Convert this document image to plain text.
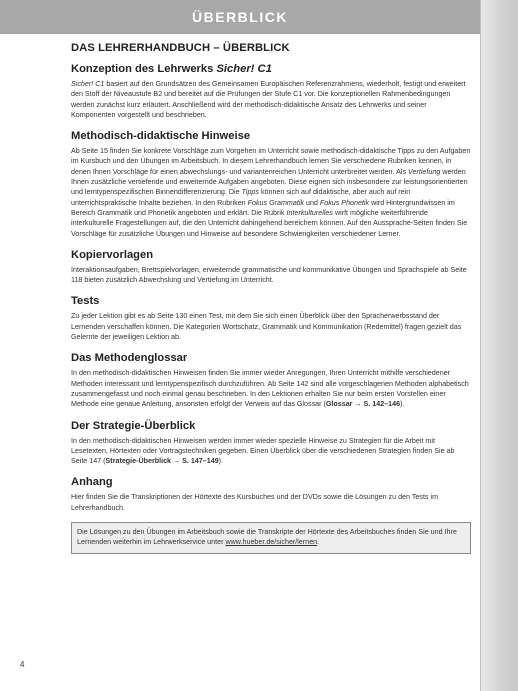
ÜBERBLICK
DAS LEHRERHANDBUCH – ÜBERBLICK
Konzeption des Lehrwerks Sicher! C1

Sicher! C1 basiert auf den Grundsätzen des Gemeinsamen Europäischen Referenzrahmens, wiederholt, festigt und erweitert den Stoff der Niveaustufe B2 und bereitet auf die Prüfungen der Stufe C1 vor. Die konzeptionellen Rahmenbedingungen werden zunächst kurz erläutert. Anschließend wird der methodisch-didaktische Ansatz des Lehrwerks und seiner Komponenten vorgestellt und beschrieben.

Methodisch-didaktische Hinweise

Ab Seite 15 finden Sie konkrete Vorschläge zum Vorgehen im Unterricht sowie methodisch-didaktische Tipps zu den Aufgaben im Kursbuch und den Übungen im Arbeitsbuch. In diesem Lehrerhandbuch lernen Sie verschiedene Rubriken kennen, in denen Ihnen Vorschläge für einen abwechslungs- und variantenreichen Unterricht unterbreitet werden. Als Vertiefung werden Ihnen zusätzliche vertiefende und erweiternde Aufgaben angeboten. Diese eignen sich insbesondere zur leistungsorientierten und lerntypenspezifischen Binnendifferenzierung. Die Tipps können sich auf didaktische, aber auch auf rein unterrichtspraktische Inhalte beziehen. In den Rubriken Fokus Grammatik und Fokus Phonetik wird Hintergrundwissen im Bereich Grammatik und Phonetik angeboten und erklärt. Die Rubrik Interkulturelles wirft mögliche weiterführende interkulturelle Fragestellungen auf, die den Unterricht dahingehend bereichern können. Auf den Aussprache-Seiten finden Sie Vorschläge für zusätzliche Übungen und Hinweise auf besondere Schwierigkeiten verschiedener Lerner.

Kopiervorlagen

Interaktionsaufgaben, Brettspielvorlagen, erweiternde grammatische und kommunikative Übungen und Sprachspiele ab Seite 118 bieten zusätzlich Abwechslung und Vertiefung im Unterricht.

Tests

Zu jeder Lektion gibt es ab Seite 130 einen Test, mit dem Sie sich einen Überblick über den Spracherwerbsstand der Lernenden verschaffen können. Die Kategorien Wortschatz, Grammatik und Kommunikation (Redemittel) fragen gezielt das Gelernte der jeweiligen Lektion ab.

Das Methodenglossar

In den methodisch-didaktischen Hinweisen finden Sie immer wieder Anregungen, Ihren Unterricht mithilfe verschiedener Methoden interessant und lerntypenspezifisch durchzuführen. Ab Seite 142 sind alle vorgeschlagenen Methoden alphabetisch zusammengefasst und noch einmal genau beschrieben. In den Lektionen erhalten Sie nur beim ersten Vorstellen einer Methode eine genaue Anleitung, ansonsten erfolgt der Verweis auf das Glossar (Glossar → S. 142–146).

Der Strategie-Überblick

In den methodisch-didaktischen Hinweisen werden immer wieder spezielle Hinweise zu Strategien für die Arbeit mit Lesetexten, Hörtexten oder Vortragstechniken gegeben. Einen Überblick über die verschiedenen Strategien finden Sie ab Seite 147 (Strategie-Überblick → S. 147–149).

Anhang

Hier finden Sie die Transkriptionen der Hörtexte des Kursbuches und der DVDs sowie die Lösungen zu den Tests im Lehrerhandbuch.

Die Lösungen zu den Übungen im Arbeitsbuch sowie die Transkripte der Hörtexte des Arbeitsbuches finden Sie und Ihre Lernenden weiterhin im Lehrwerkservice unter www.hueber.de/sicher/lernen.

4
